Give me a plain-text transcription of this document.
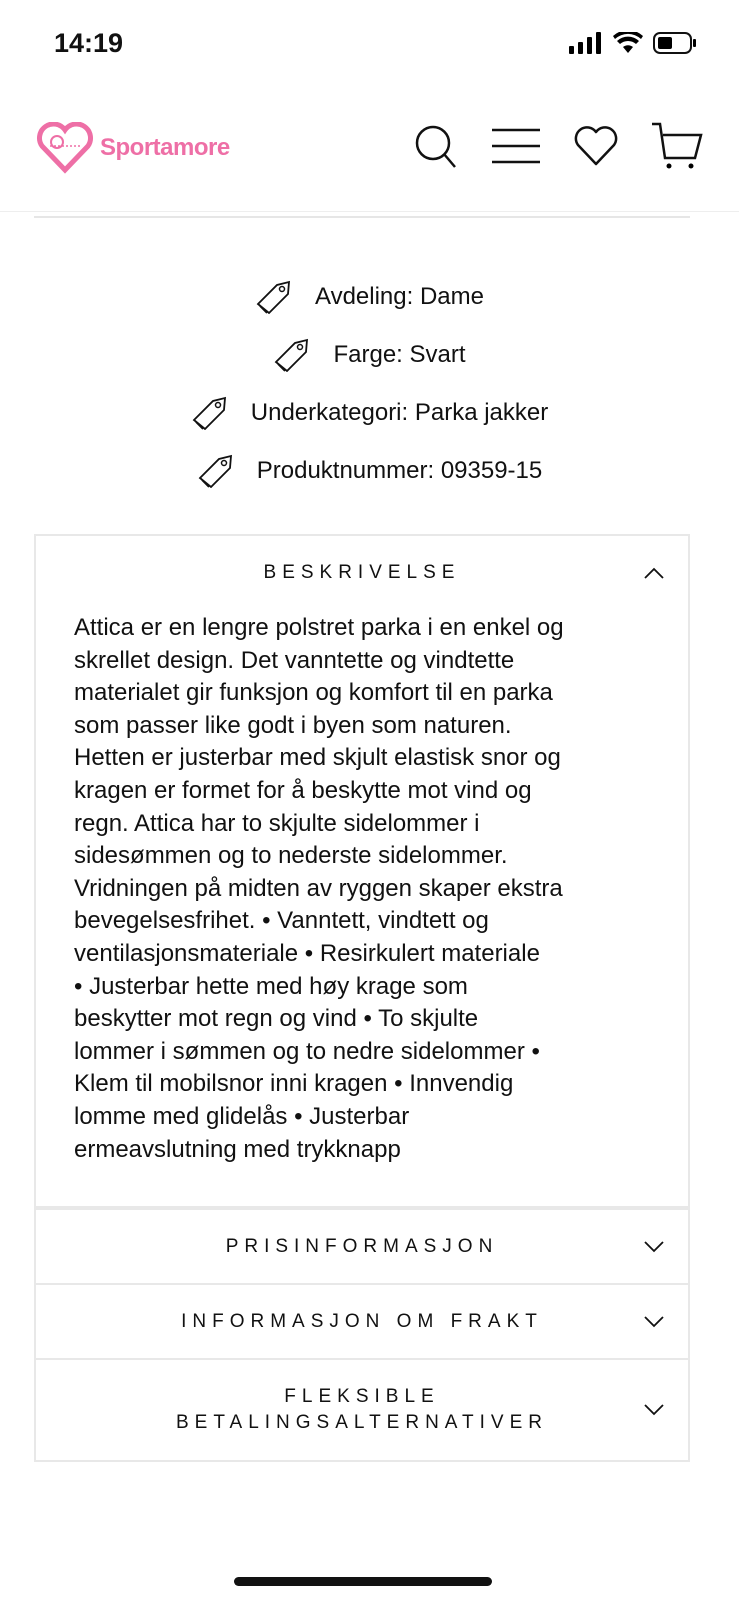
14:19
Sportamore
Avdeling: Dame
Farge: Svart
Underkategori: Parka jakker
Produktnummer: 09359-15
BESKRIVELSE
Attica er en lengre polstret parka i en enkel og
skrellet design. Det vanntette og vindtette
materialet gir funksjon og komfort til en parka
som passer like godt i byen som naturen.
Hetten er justerbar med skjult elastisk snor og
kragen er formet for å beskytte mot vind og
regn. Attica har to skjulte sidelommer i
sidesømmen og to nederste sidelommer.
Vridningen på midten av ryggen skaper ekstra
bevegelsesfrihet. • Vanntett, vindtett og
ventilasjonsmateriale • Resirkulert materiale
• Justerbar hette med høy krage som
beskytter mot regn og vind • To skjulte
lommer i sømmen og to nedre sidelommer •
Klem til mobilsnor inni kragen • Innvendig
lomme med glidelås • Justerbar
ermeavslutning med trykknapp
PRISINFORMASJON
INFORMASJON OM FRAKT
FLEKSIBLE
BETALINGSALTERNATIVER
